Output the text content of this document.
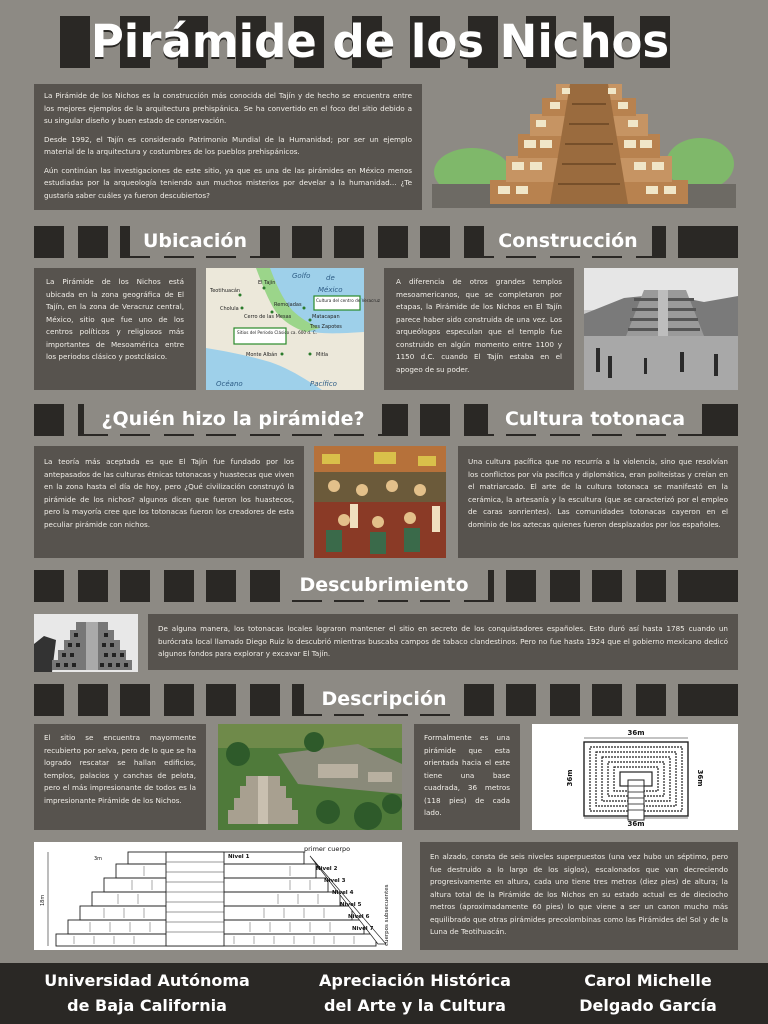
Pirámide de los Nichos

La Pirámide de los Nichos es la construcción más conocida del Tajín y de hecho se encuentra entre los mejores ejemplos de la arquitectura prehispánica. Se ha convertido en el foco del sitio debido a su singular diseño y buen estado de conservación.

Desde 1992, el Tajín es considerado Patrimonio Mundial de la Humanidad; por ser un ejemplo material de la arquitectura y costumbres de los pueblos prehispánicos.

Aún continúan las investigaciones de este sitio, ya que es una de las pirámides en México menos estudiadas por la arqueología teniendo aun muchos misterios por develar a la humanidad... ¿Te gustaría saber cuáles ya fueron descubiertos?

Ubicación	Construcción
La Pirámide de los Nichos está ubicada en la zona geográfica de El Tajín, en la zona de Veracruz central, México, sitio que fue uno de los centros políticos y religiosos más importantes de Mesoamérica entre los periodos clásico y postclásico.
Golfo de
México
Océano	Pacífico
Teotihuacán
El Tajín
Cholula
Cerro de las Mesas
Remojadas
Matacapan
Tres Zapotes
Monte Albán	Mitla
Sitios del Período Clásico ca. 600 d. C.
Cultura del centro de Veracruz
A diferencia de otros grandes templos mesoamericanos, que se completaron por etapas, la Pirámide de los Nichos en El Tajín parece haber sido construida de una vez. Los arqueólogos especulan que el templo fue construido en algún momento entre 1100 y 1150 d.C. cuando El Tajín estaba en el apogeo de su poder.
¿Quién hizo la pirámide?	Cultura totonaca
La teoría más aceptada es que El Tajín fue fundado por los antepasados de las culturas étnicas totonacas y huastecas que viven en la zona hasta el día de hoy, pero ¿Qué civilización construyó la pirámide de los nichos? algunos dicen que fueron los huastecos, pero la mayoría cree que los totonacas fueron los creadores de esta peculiar pirámide con nichos.
Una cultura pacífica que no recurría a la violencia, sino que resolvían los conflictos por vía pacífica y diplomática, eran politeístas y creían en el matriarcado. El arte de la cultura totonaca se manifestó en la cerámica, la artesanía y la escultura (que se caracterizó por el empleo de caras sonrientes). Las comunidades totonacas cayeron en el dominio de los aztecas quienes fueron desplazados por los españoles.
Descubrimiento
De alguna manera, los totonacas locales lograron mantener el sitio en secreto de los conquistadores españoles. Esto duró así hasta 1785 cuando un burócrata local llamado Diego Ruiz lo descubrió mientras buscaba campos de tabaco clandestinos. Pero no fue hasta 1924 que el gobierno mexicano dedicó algunos fondos para explorar y excavar El Tajín.
Descripción
El sitio se encuentra mayormente recubierto por selva, pero de lo que se ha logrado rescatar se hallan edificios, templos, palacios y canchas de pelota, pero el más impresionante de todos es la impresionante Pirámide de los Nichos.
Formalmente es una pirámide que esta orientada hacia el este tiene una base cuadrada, 36 metros (118 pies) de cada lado.
36m
36m
36m	36m
Nivel 1
Nivel 2
Nivel 3
Nivel 4
Nivel 5
Nivel 6
Nivel 7
primer cuerpo
cuerpos subsecuentes
3m
18m
En alzado, consta de seis niveles superpuestos (una vez hubo un séptimo, pero fue destruido a lo largo de los siglos), escalonados que van decreciendo progresivamente en altura, cada uno tiene tres metros (diez pies) de altura; la altura total de la Pirámide de los Nichos en su estado actual es de dieciocho metros (aproximadamente 60 pies) lo que viene a ser un canon mucho más equilibrado que otras pirámides precolombinas como las Pirámides del Sol y de la Luna de Teotihuacán.
Universidad Autónoma
de Baja California
Apreciación Histórica
del Arte y la Cultura
Carol Michelle
Delgado García
